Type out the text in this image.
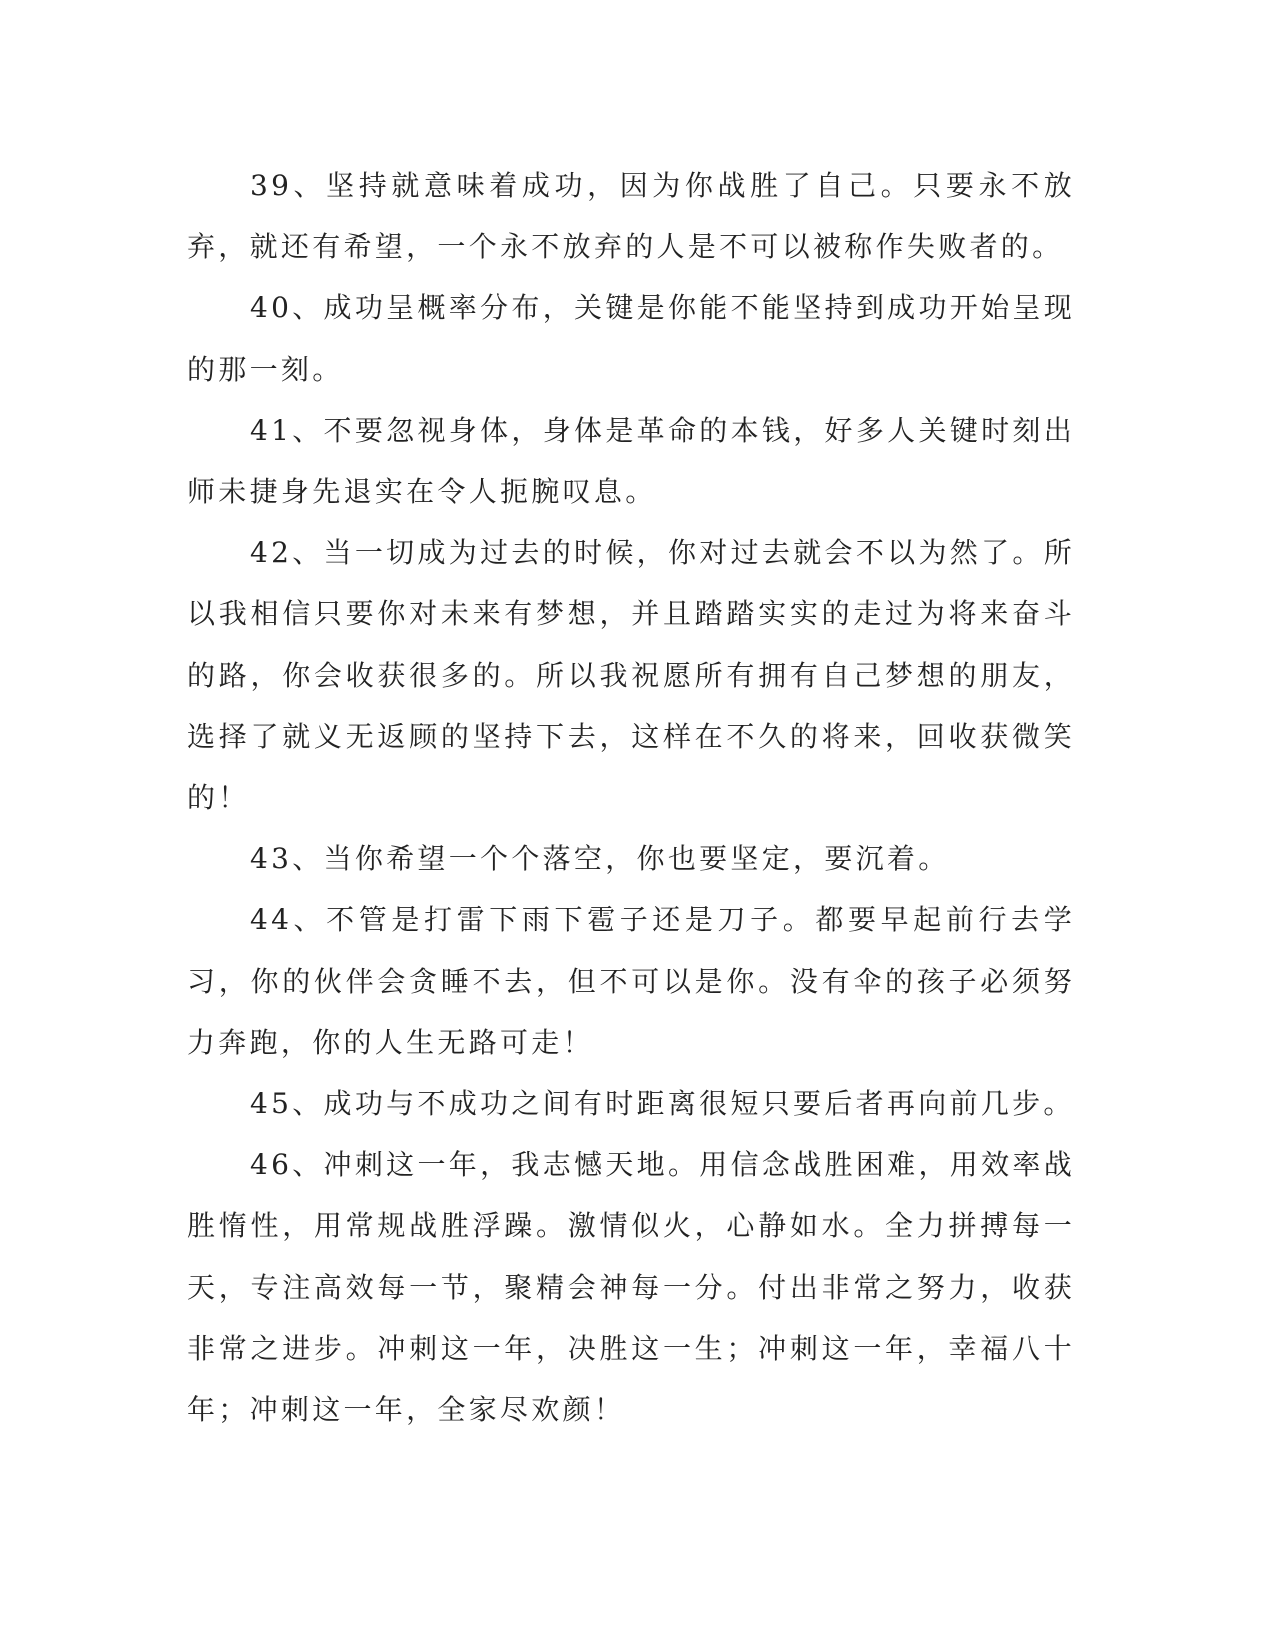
39、坚持就意味着成功，因为你战胜了自己。只要永不放弃，就还有希望，一个永不放弃的人是不可以被称作失败者的。

40、成功呈概率分布，关键是你能不能坚持到成功开始呈现的那一刻。

41、不要忽视身体，身体是革命的本钱，好多人关键时刻出师未捷身先退实在令人扼腕叹息。

42、当一切成为过去的时候，你对过去就会不以为然了。所以我相信只要你对未来有梦想，并且踏踏实实的走过为将来奋斗的路，你会收获很多的。所以我祝愿所有拥有自己梦想的朋友，选择了就义无返顾的坚持下去，这样在不久的将来，回收获微笑的！

43、当你希望一个个落空，你也要坚定，要沉着。

44、不管是打雷下雨下雹子还是刀子。都要早起前行去学习，你的伙伴会贪睡不去，但不可以是你。没有伞的孩子必须努力奔跑，你的人生无路可走！

45、成功与不成功之间有时距离很短只要后者再向前几步。

46、冲刺这一年，我志憾天地。用信念战胜困难，用效率战胜惰性，用常规战胜浮躁。激情似火，心静如水。全力拼搏每一天，专注高效每一节，聚精会神每一分。付出非常之努力，收获非常之进步。冲刺这一年，决胜这一生；冲刺这一年，幸福八十年；冲刺这一年，全家尽欢颜！
